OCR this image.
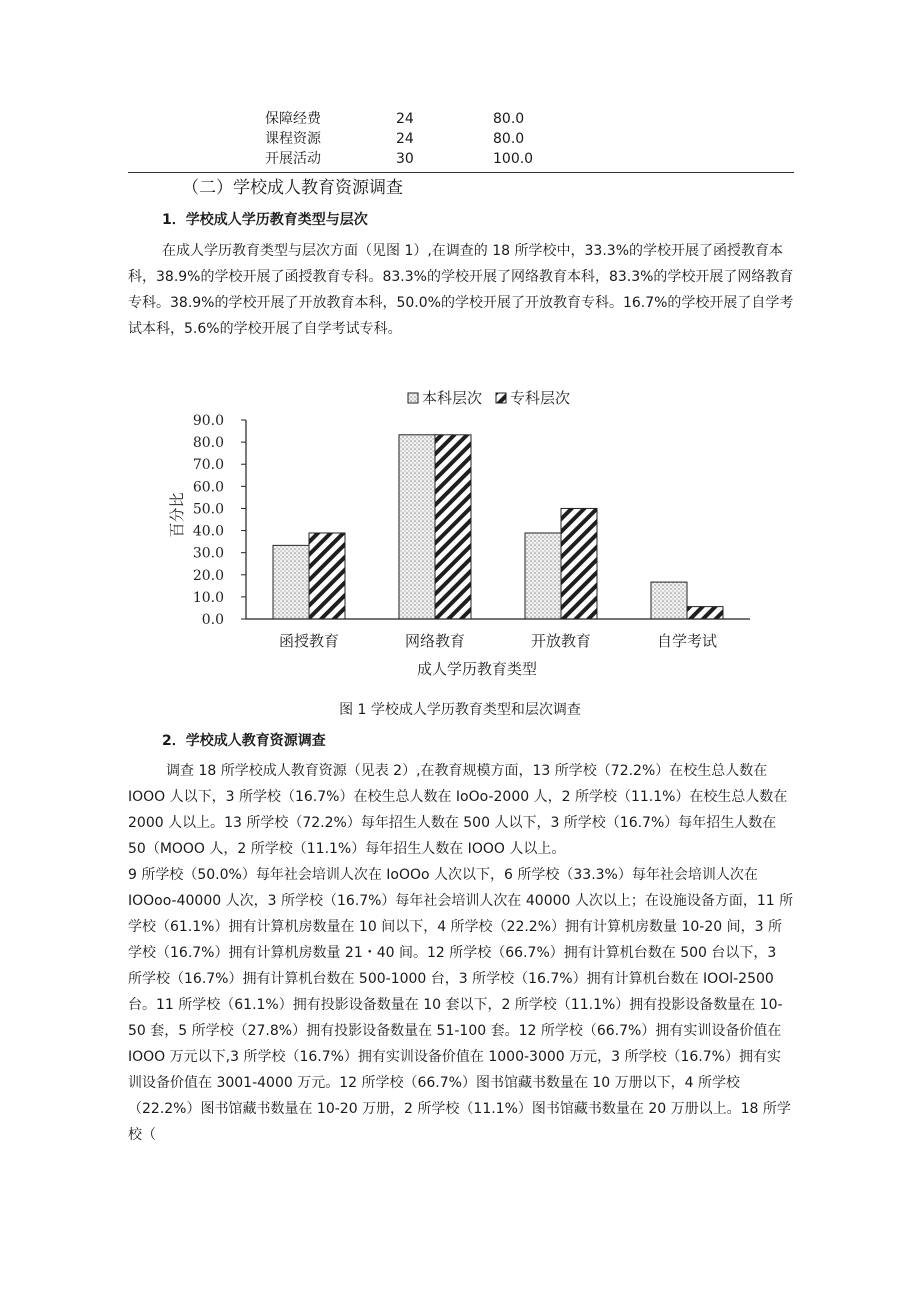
保障经费	24	80.0
课程资源	24	80.0
开展活动	30	100.0
（二）学校成人教育资源调查
1．学校成人学历教育类型与层次
在成人学历教育类型与层次方面（见图 1）,在调查的 18 所学校中，33.3%的学校开展了函授教育本科，38.9%的学校开展了函授教育专科。83.3%的学校开展了网络教育本科，83.3%的学校开展了网络教育专科。38.9%的学校开展了开放教育本科，50.0%的学校开展了开放教育专科。16.7%的学校开展了自学考试本科，5.6%的学校开展了自学考试专科。
本科层次 专科层次
0.0
10.0
20.0
30.0
40.0
50.0
60.0
70.0
80.0
90.0
函授教育	网络教育	开放教育	自学考试
百分比
成人学历教育类型
图 1 学校成人学历教育类型和层次调查
2．学校成人教育资源调查

调查 18 所学校成人教育资源（见表 2）,在教育规模方面，13 所学校（72.2%）在校生总人数在 IOOO 人以下，3 所学校（16.7%）在校生总人数在 IoOo-2000 人，2 所学校（11.1%）在校生总人数在 2000 人以上。13 所学校（72.2%）每年招生人数在 500 人以下，3 所学校（16.7%）每年招生人数在 50（MOOO 人，2 所学校（11.1%）每年招生人数在 IOOO 人以上。

9 所学校（50.0%）每年社会培训人次在 IoOOo 人次以下，6 所学校（33.3%）每年社会培训人次在 IOOoo-40000 人次，3 所学校（16.7%）每年社会培训人次在 40000 人次以上；在设施设备方面，11 所学校（61.1%）拥有计算机房数量在 10 间以下，4 所学校（22.2%）拥有计算机房数量 10-20 间，3 所学校（16.7%）拥有计算机房数量 21・40 间。12 所学校（66.7%）拥有计算机台数在 500 台以下，3 所学校（16.7%）拥有计算机台数在 500-1000 台，3 所学校（16.7%）拥有计算机台数在 IOOl-2500 台。11 所学校（61.1%）拥有投影设备数量在 10 套以下，2 所学校（11.1%）拥有投影设备数量在 10-50 套，5 所学校（27.8%）拥有投影设备数量在 51-100 套。12 所学校（66.7%）拥有实训设备价值在 IOOO 万元以下,3 所学校（16.7%）拥有实训设备价值在 1000-3000 万元，3 所学校（16.7%）拥有实训设备价值在 3001-4000 万元。12 所学校（66.7%）图书馆藏书数量在 10 万册以下，4 所学校（22.2%）图书馆藏书数量在 10-20 万册，2 所学校（11.1%）图书馆藏书数量在 20 万册以上。18 所学校（
